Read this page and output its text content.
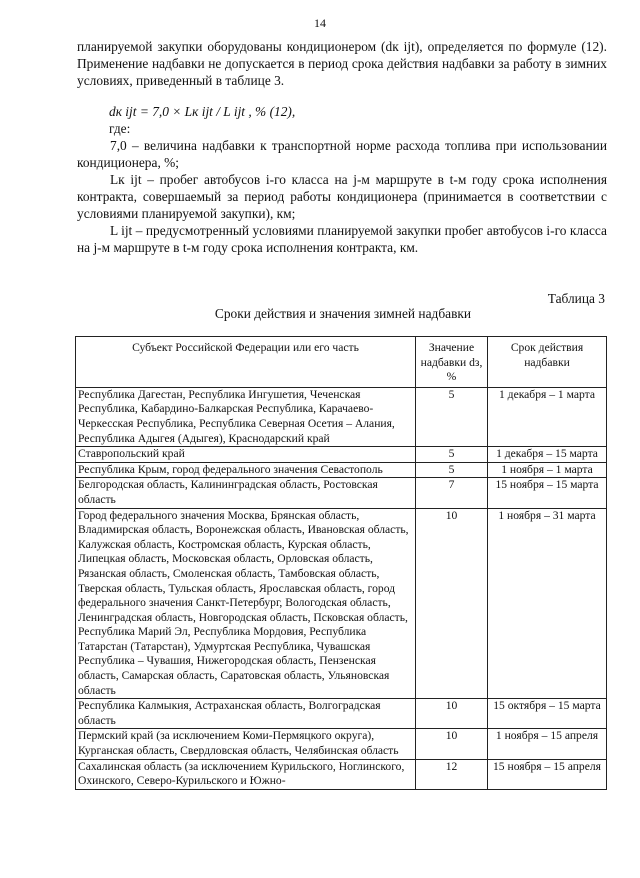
14

планируемой закупки оборудованы кондиционером (dк ijt), определяется по формуле (12). Применение надбавки не допускается в период срока действия надбавки за работу в зимних условиях, приведенный в таблице 3.

dк ijt = 7,0 × Lк ijt / L ijt , % (12),

где:

7,0 – величина надбавки к транспортной норме расхода топлива при использовании кондиционера, %;

Lк ijt – пробег автобусов i-го класса на j-м маршруте в t-м году срока исполнения контракта, совершаемый за период работы кондиционера (принимается в соответствии с условиями планируемой закупки), км;

L ijt – предусмотренный условиями планируемой закупки пробег автобусов i-го класса на j-м маршруте в t-м году срока исполнения контракта, км.

Таблица 3
Сроки действия и значения зимней надбавки
Субъект Российской Федерации или его часть	Значение надбавки dз, %	Срок действия надбавки
Республика Дагестан, Республика Ингушетия, Чеченская Республика, Кабардино-Балкарская Республика, Карачаево-Черкесская Республика, Республика Северная Осетия – Алания, Республика Адыгея (Адыгея), Краснодарский край	5	1 декабря – 1 марта
Ставропольский край	5	1 декабря – 15 марта
Республика Крым, город федерального значения Севастополь	5	1 ноября – 1 марта
Белгородская область, Калининградская область, Ростовская область	7	15 ноября – 15 марта
Город федерального значения Москва, Брянская область, Владимирская область, Воронежская область, Ивановская область, Калужская область, Костромская область, Курская область, Липецкая область, Московская область, Орловская область, Рязанская область, Смоленская область, Тамбовская область, Тверская область, Тульская область, Ярославская область, город федерального значения Санкт-Петербург, Вологодская область, Ленинградская область, Новгородская область, Псковская область, Республика Марий Эл, Республика Мордовия, Республика Татарстан (Татарстан), Удмуртская Республика, Чувашская Республика – Чувашия, Нижегородская область, Пензенская область, Самарская область, Саратовская область, Ульяновская область	10	1 ноября – 31 марта
Республика Калмыкия, Астраханская область, Волгоградская область	10	15 октября – 15 марта
Пермский край (за исключением Коми-Пермяцкого округа), Курганская область, Свердловская область, Челябинская область	10	1 ноября – 15 апреля
Сахалинская область (за исключением Курильского, Ноглинского, Охинского, Северо-Курильского и Южно-	12	15 ноября – 15 апреля
